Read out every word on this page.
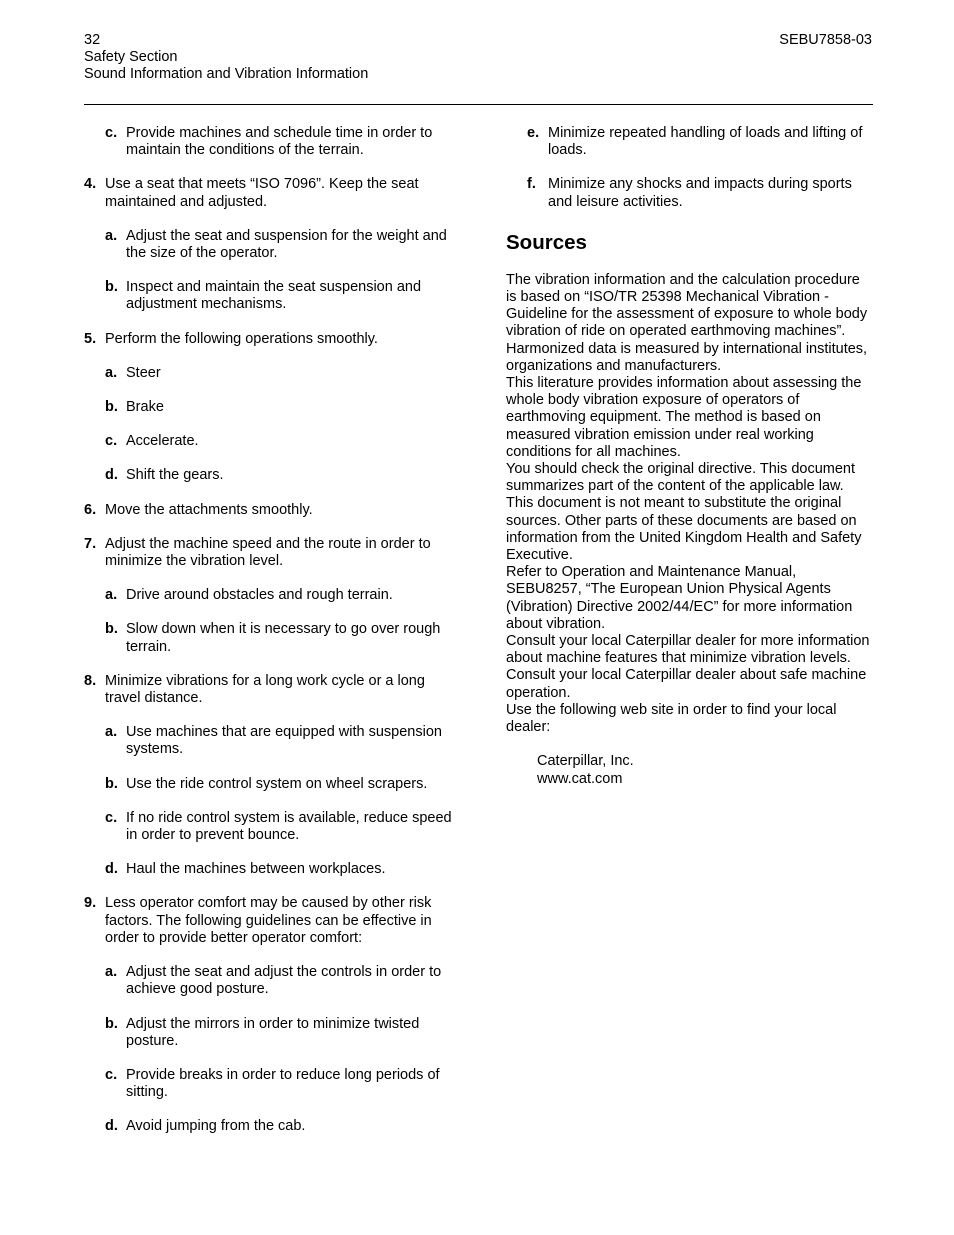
32
Safety Section
Sound Information and Vibration Information
SEBU7858-03
c. Provide machines and schedule time in order to maintain the conditions of the terrain.
4. Use a seat that meets “ISO 7096”. Keep the seat maintained and adjusted.
a. Adjust the seat and suspension for the weight and the size of the operator.
b. Inspect and maintain the seat suspension and adjustment mechanisms.
5. Perform the following operations smoothly.
a. Steer
b. Brake
c. Accelerate.
d. Shift the gears.
6. Move the attachments smoothly.
7. Adjust the machine speed and the route in order to minimize the vibration level.
a. Drive around obstacles and rough terrain.
b. Slow down when it is necessary to go over rough terrain.
8. Minimize vibrations for a long work cycle or a long travel distance.
a. Use machines that are equipped with suspension systems.
b. Use the ride control system on wheel scrapers.
c. If no ride control system is available, reduce speed in order to prevent bounce.
d. Haul the machines between workplaces.
9. Less operator comfort may be caused by other risk factors. The following guidelines can be effective in order to provide better operator comfort:
a. Adjust the seat and adjust the controls in order to achieve good posture.
b. Adjust the mirrors in order to minimize twisted posture.
c. Provide breaks in order to reduce long periods of sitting.
d. Avoid jumping from the cab.
e. Minimize repeated handling of loads and lifting of loads.
f. Minimize any shocks and impacts during sports and leisure activities.
Sources

The vibration information and the calculation procedure is based on “ISO/TR 25398 Mechanical Vibration - Guideline for the assessment of exposure to whole body vibration of ride on operated earthmoving machines”. Harmonized data is measured by international institutes, organizations and manufacturers.

This literature provides information about assessing the whole body vibration exposure of operators of earthmoving equipment. The method is based on measured vibration emission under real working conditions for all machines.

You should check the original directive. This document summarizes part of the content of the applicable law. This document is not meant to substitute the original sources. Other parts of these documents are based on information from the United Kingdom Health and Safety Executive.

Refer to Operation and Maintenance Manual, SEBU8257, “The European Union Physical Agents (Vibration) Directive 2002/44/EC” for more information about vibration.

Consult your local Caterpillar dealer for more information about machine features that minimize vibration levels. Consult your local Caterpillar dealer about safe machine operation.

Use the following web site in order to find your local dealer:

Caterpillar, Inc.
www.cat.com
